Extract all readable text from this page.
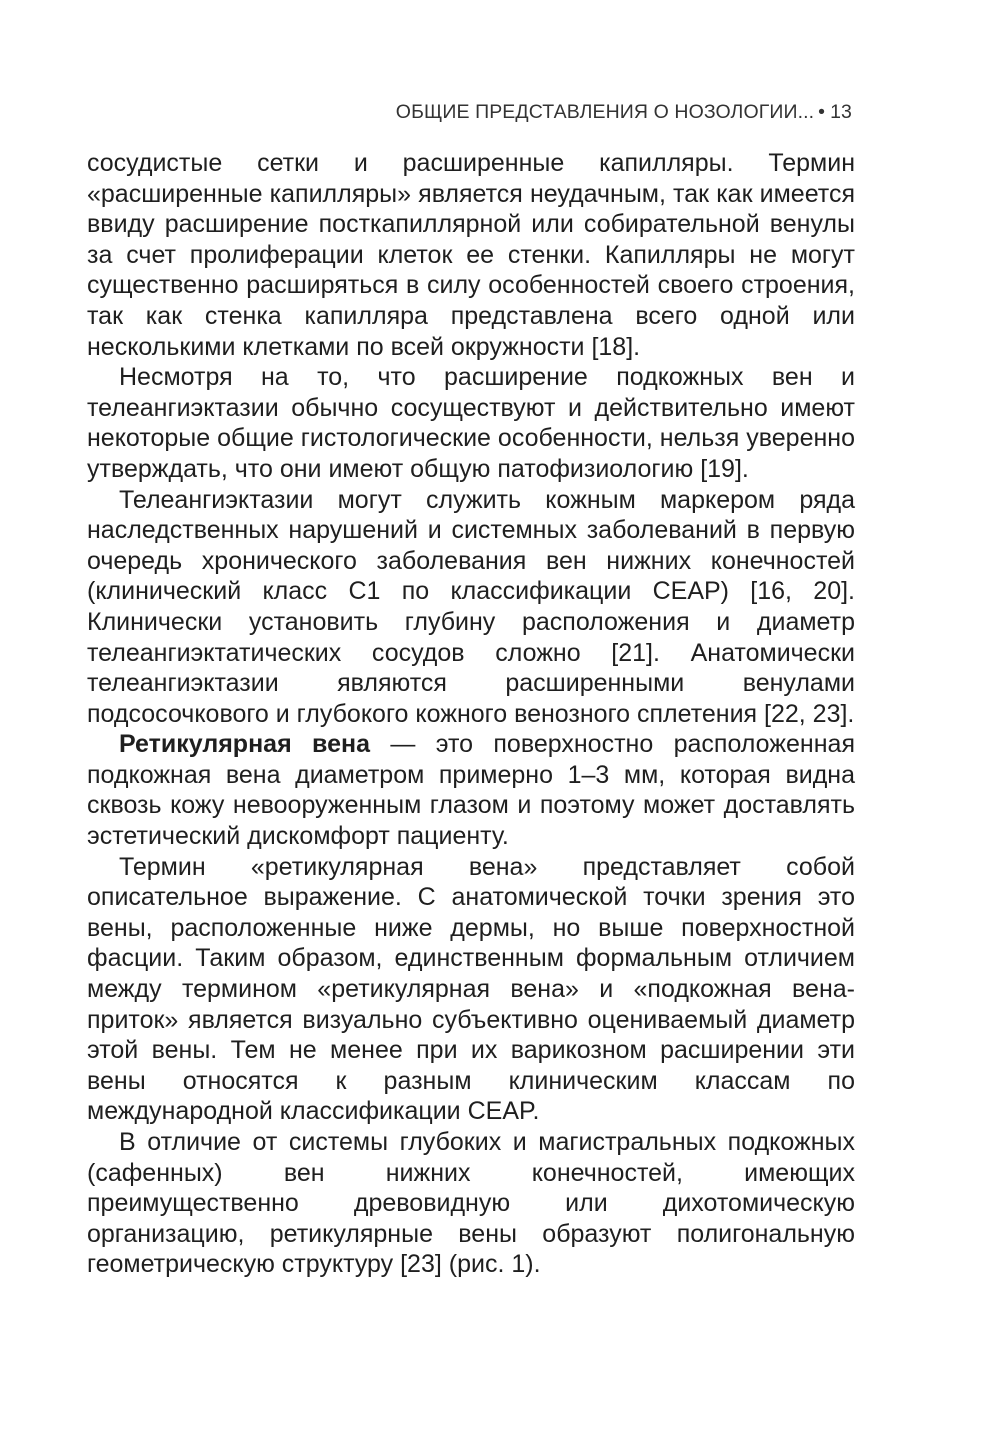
ОБЩИЕ ПРЕДСТАВЛЕНИЯ О НОЗОЛОГИИ... • 13

сосудистые сетки и расширенные капилляры. Термин «расширенные капилляры» является неудачным, так как имеется ввиду расширение посткапиллярной или собирательной венулы за счет пролиферации клеток ее стенки. Капилляры не могут существенно расширяться в силу особенностей своего строения, так как стенка капилляра представлена всего одной или несколькими клетками по всей окружности [18].

Несмотря на то, что расширение подкожных вен и телеангиэктазии обычно сосуществуют и действительно имеют некоторые общие гистологические особенности, нельзя уверенно утверждать, что они имеют общую патофизиологию [19].

Телеангиэктазии могут служить кожным маркером ряда наследственных нарушений и системных заболеваний в первую очередь хронического заболевания вен нижних конечностей (клинический класс C1 по классификации CEAP) [16, 20]. Клинически установить глубину расположения и диаметр телеангиэктатических сосудов сложно [21]. Анатомически телеангиэктазии являются расширенными венулами подсосочкового и глубокого кожного венозного сплетения [22, 23].

Ретикулярная вена — это поверхностно расположенная подкожная вена диаметром примерно 1–3 мм, которая видна сквозь кожу невооруженным глазом и поэтому может доставлять эстетический дискомфорт пациенту.

Термин «ретикулярная вена» представляет собой описательное выражение. С анатомической точки зрения это вены, расположенные ниже дермы, но выше поверхностной фасции. Таким образом, единственным формальным отличием между термином «ретикулярная вена» и «подкожная вена-приток» является визуально субъективно оцениваемый диаметр этой вены. Тем не менее при их варикозном расширении эти вены относятся к разным клиническим классам по международной классификации CEAP.

В отличие от системы глубоких и магистральных подкожных (сафенных) вен нижних конечностей, имеющих преимущественно древовидную или дихотомическую организацию, ретикулярные вены образуют полигональную геометрическую структуру [23] (рис. 1).
